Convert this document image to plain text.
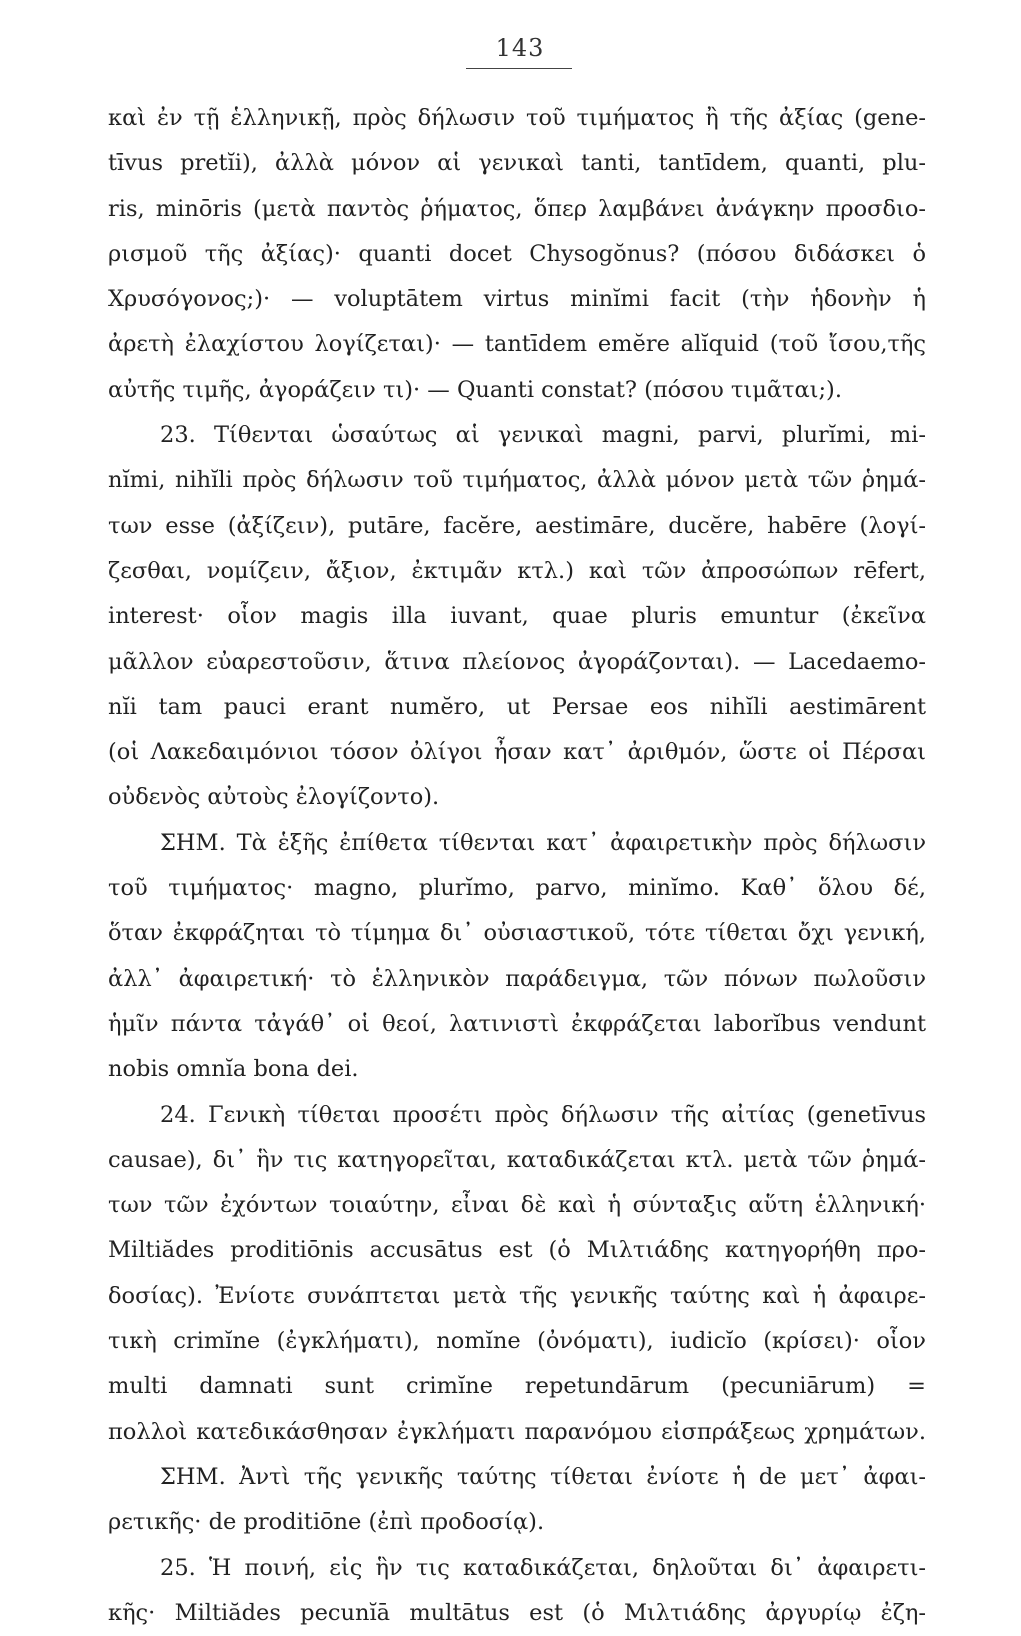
143
καὶ ἐν τῇ ἑλληνικῇ, πρὸς δήλωσιν τοῦ τιμήματος ἢ τῆς ἀξίας (gene-
tīvus pretĭi), ἀλλὰ μόνον αἱ γενικαὶ tanti, tantīdem, quanti, plu-
ris, minōris (μετὰ παντὸς ῥήματος, ὅπερ λαμβάνει ἀνάγκην προσδιο-
ρισμοῦ τῆς ἀξίας)· quanti docet Chysogŏnus? (πόσου διδάσκει ὁ
Χρυσόγονος;)· — voluptātem virtus minĭmi facit (τὴν ἡδονὴν ἡ
ἀρετὴ ἐλαχίστου λογίζεται)· — tantīdem emĕre alĭquid (τοῦ ἴσου,τῆς
αὐτῆς τιμῆς, ἀγοράζειν τι)· — Quanti constat? (πόσου τιμᾶται;).
23. Τίθενται ὡσαύτως αἱ γενικαὶ magni, parvi, plurĭmi, mi-
nĭmi, nihĭli πρὸς δήλωσιν τοῦ τιμήματος, ἀλλὰ μόνον μετὰ τῶν ῥημά-
των esse (ἀξίζειν), putāre, facĕre, aestimāre, ducĕre, habēre (λογί-
ζεσθαι, νομίζειν, ἄξιον, ἐκτιμᾶν κτλ.) καὶ τῶν ἀπροσώπων rēfert,
interest· οἷον magis illa iuvant, quae pluris emuntur (ἐκεῖνα
μᾶλλον εὐαρεστοῦσιν, ἅτινα πλείονος ἀγοράζονται). — Lacedaemo-
nĭi tam pauci erant numĕro, ut Persae eos nihĭli aestimārent
(οἱ Λακεδαιμόνιοι τόσον ὀλίγοι ἦσαν κατ᾽ ἀριθμόν, ὥστε οἱ Πέρσαι
οὐδενὸς αὐτοὺς ἐλογίζοντο).
ΣΗΜ. Τὰ ἑξῆς ἐπίθετα τίθενται κατ᾽ ἀφαιρετικὴν πρὸς δήλωσιν
τοῦ τιμήματος· magno, plurĭmo, parvo, minĭmo. Καθ᾽ ὅλου δέ,
ὅταν ἐκφράζηται τὸ τίμημα δι᾽ οὐσιαστικοῦ, τότε τίθεται ὄχι γενική,
ἀλλ᾽ ἀφαιρετική· τὸ ἑλληνικὸν παράδειγμα, τῶν πόνων πωλοῦσιν
ἡμῖν πάντα τἀγάθ᾽ οἱ θεοί, λατινιστὶ ἐκφράζεται laborĭbus vendunt
nobis omnĭa bona dei.
24. Γενικὴ τίθεται προσέτι πρὸς δήλωσιν τῆς αἰτίας (genetīvus
causae), δι᾽ ἣν τις κατηγορεῖται, καταδικάζεται κτλ. μετὰ τῶν ῥημά-
των τῶν ἐχόντων τοιαύτην, εἶναι δὲ καὶ ἡ σύνταξις αὕτη ἑλληνική·
Miltiădes proditiōnis accusātus est (ὁ Μιλτιάδης κατηγορήθη προ-
δοσίας). Ἐνίοτε συνάπτεται μετὰ τῆς γενικῆς ταύτης καὶ ἡ ἀφαιρε-
τικὴ crimĭne (ἐγκλήματι), nomĭne (ὀνόματι), iudicĭo (κρίσει)· οἷον
multi damnati sunt crimĭne repetundārum (pecuniārum) =
πολλοὶ κατεδικάσθησαν ἐγκλήματι παρανόμου εἰσπράξεως χρημάτων.
ΣΗΜ. Ἀντὶ τῆς γενικῆς ταύτης τίθεται ἐνίοτε ἡ de μετ᾽ ἀφαι-
ρετικῆς· de proditiōne (ἐπὶ προδοσίᾳ).
25. Ἡ ποινή, εἰς ἣν τις καταδικάζεται, δηλοῦται δι᾽ ἀφαιρετι-
κῆς· Miltiădes pecunĭā multātus est (ὁ Μιλτιάδης ἀργυρίῳ ἐζη-
